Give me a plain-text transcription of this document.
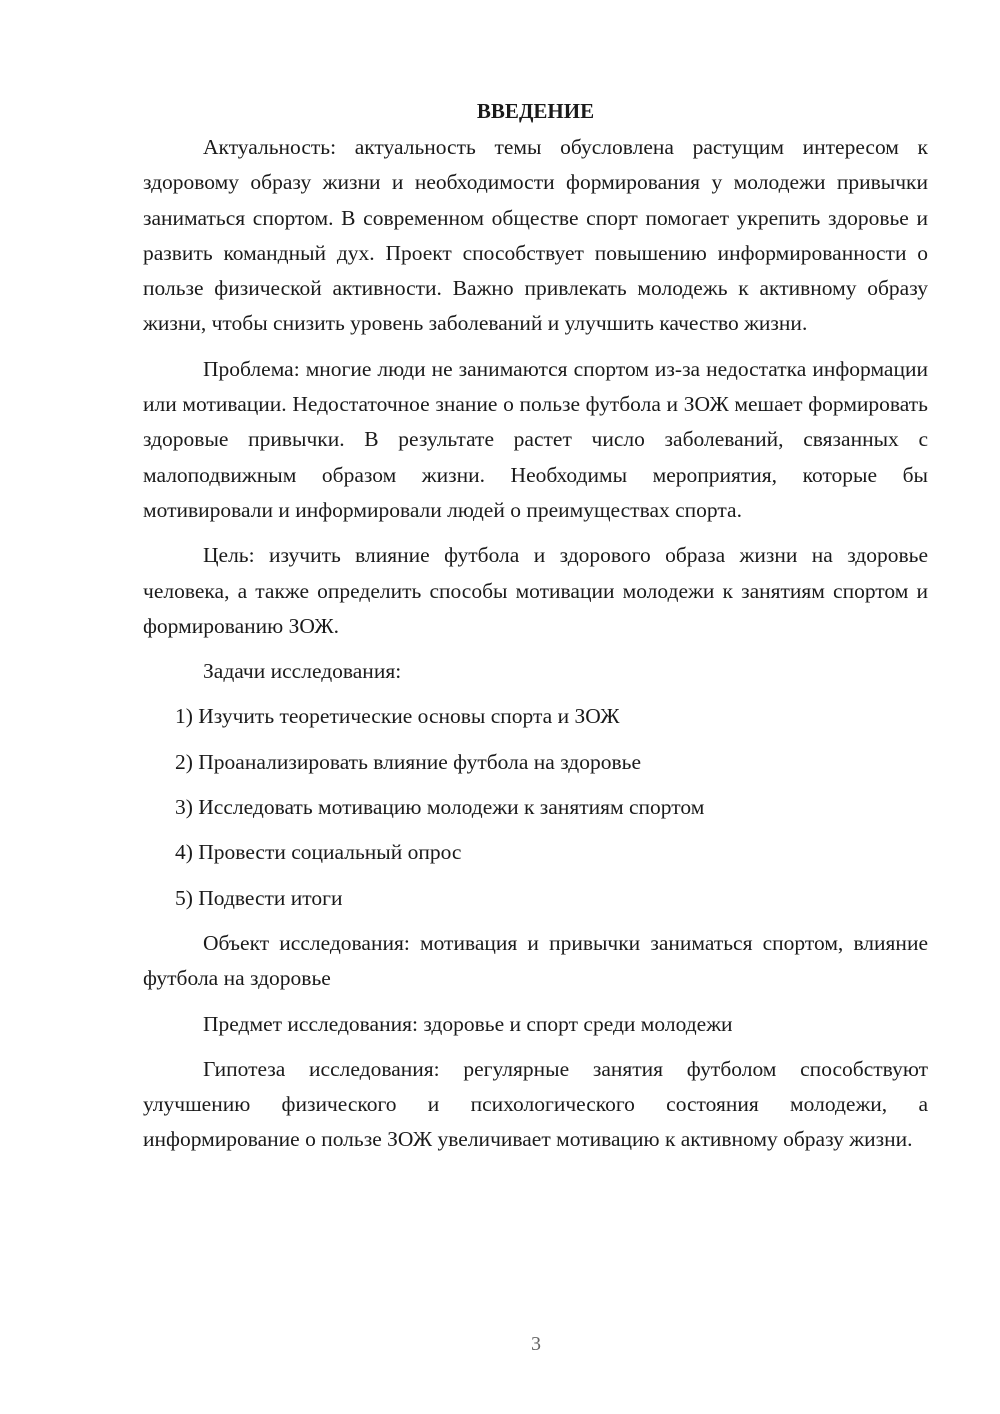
ВВЕДЕНИЕ

Актуальность: актуальность темы обусловлена растущим интересом к здоровому образу жизни и необходимости формирования у молодежи привычки заниматься спортом. В современном обществе спорт помогает укрепить здоровье и развить командный дух. Проект способствует повышению информированности о пользе физической активности. Важно привлекать молодежь к активному образу жизни, чтобы снизить уровень заболеваний и улучшить качество жизни.

Проблема: многие люди не занимаются спортом из-за недостатка информации или мотивации. Недостаточное знание о пользе футбола и ЗОЖ мешает формировать здоровые привычки. В результате растет число заболеваний, связанных с малоподвижным образом жизни. Необходимы мероприятия, которые бы мотивировали и информировали людей о преимуществах спорта.

Цель: изучить влияние футбола и здорового образа жизни на здоровье человека, а также определить способы мотивации молодежи к занятиям спортом и формированию ЗОЖ.

Задачи исследования:
1) Изучить теоретические основы спорта и ЗОЖ
2) Проанализировать влияние футбола на здоровье
3) Исследовать мотивацию молодежи к занятиям спортом
4) Провести социальный опрос
5) Подвести итоги

Объект исследования: мотивация и привычки заниматься спортом, влияние футбола на здоровье

Предмет исследования: здоровье и спорт среди молодежи

Гипотеза исследования: регулярные занятия футболом способствуют улучшению физического и психологического состояния молодежи, а информирование о пользе ЗОЖ увеличивает мотивацию к активному образу жизни.

3
